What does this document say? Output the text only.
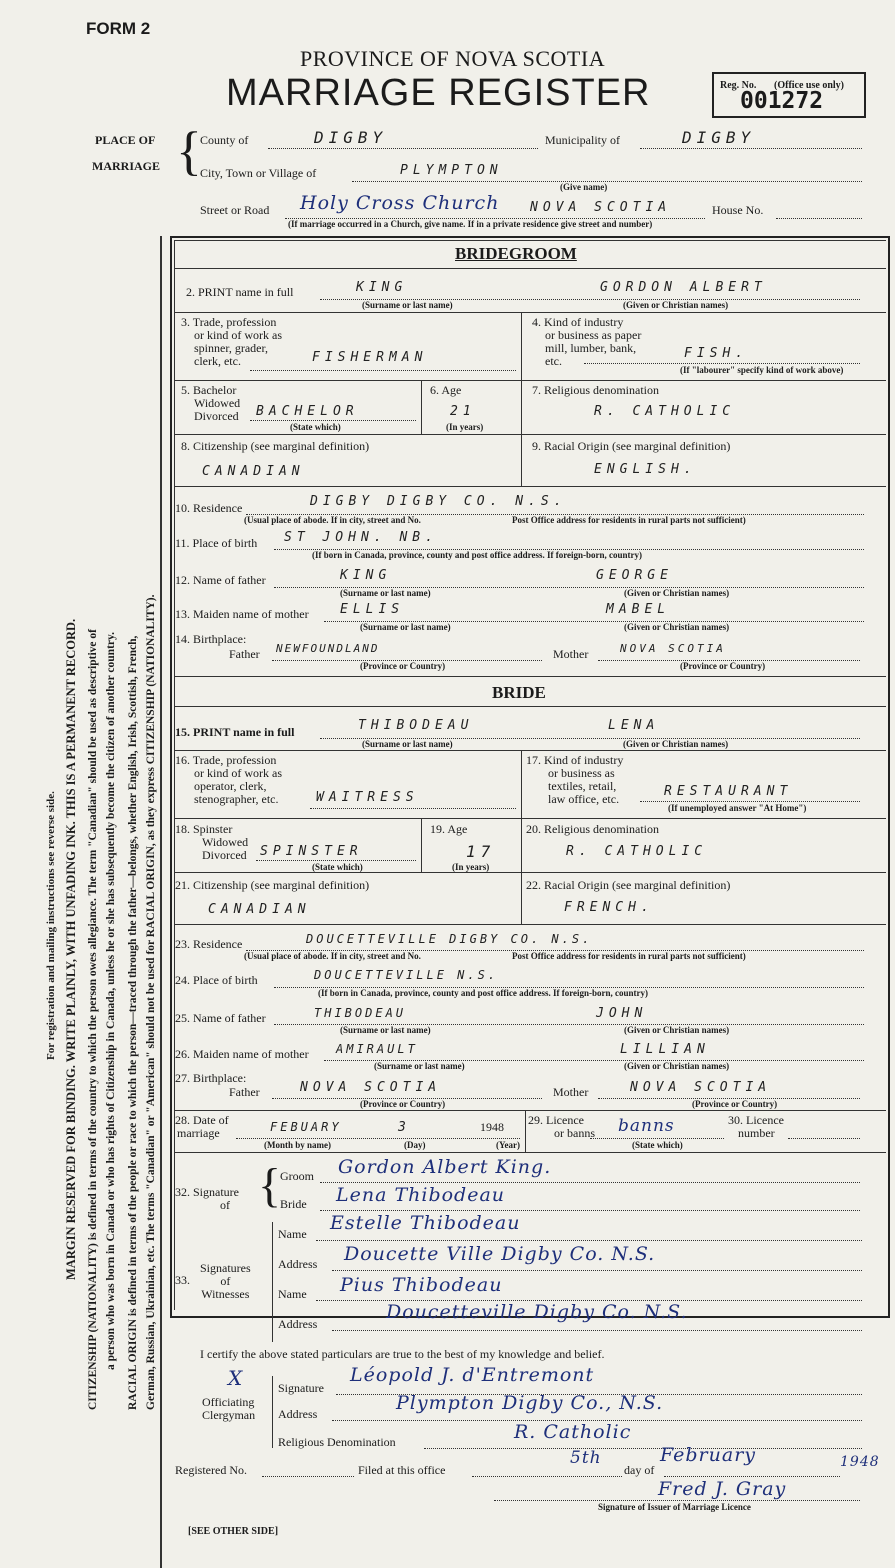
FORM 2
PROVINCE OF NOVA SCOTIA
MARRIAGE REGISTER	Reg. No. (Office use only)
001272
PLACE OF
MARRIAGE {
County of	DIGBY	Municipality of	DIGBY
City, Town or Village of	PLYMPTON
(Give name)
Street or Road Holy Cross Church NOVA SCOTIA	House No.
(If marriage occurred in a Church, give name. If in a private residence give street and number)
For registration and mailing instructions see reverse side. MARGIN RESERVED FOR BINDING. WRITE PLAINLY, WITH UNFADING INK. THIS IS A PERMANENT RECORD. CITIZENSHIP (NATIONALITY) is defined in terms of the country to which the person owes allegiance. The term "Canadian" should be used as descriptive of a person who was born in Canada or who has rights of Citizenship in Canada, unless he or she has subsequently become the citizen of another country. RACIAL ORIGIN is defined in terms of the people or race to which the person—traced through the father—belongs, whether English, Irish, Scottish, French, German, Russian, Ukrainian, etc. The terms "Canadian" or "American" should not be used for RACIAL ORIGIN, as they express CITIZENSHIP (NATIONALITY).
BRIDEGROOM
2. PRINT name in full	KING	GORDON ALBERT
(Surname or last name)	(Given or Christian names)
3. Trade, profession
or kind of work as
spinner, grader,
clerk, etc.	FISHERMAN
4. Kind of industry
or business as paper
mill, lumber, bank,
etc.	FISH.
(If "labourer" specify kind of work above)
5. Bachelor
Widowed
Divorced BACHELOR
(State which)
6. Age
21
(In years)
7. Religious denomination
R. CATHOLIC
8. Citizenship (see marginal definition)
CANADIAN
9. Racial Origin (see marginal definition)
ENGLISH.
10. Residence	DIGBY DIGBY CO. N.S.
(Usual place of abode. If in city, street and No.	Post Office address for residents in rural parts not sufficient)
11. Place of birth ST JOHN. NB.
(If born in Canada, province, county and post office address. If foreign-born, country)
12. Name of father	KING	GEORGE
(Surname or last name)	(Given or Christian names)
13. Maiden name of mother ELLIS	MABEL
(Surname or last name)	(Given or Christian names)
14. Birthplace:
Father NEWFOUNDLAND	Mother	NOVA SCOTIA
(Province or Country)	(Province or Country)
BRIDE
15. PRINT name in full	THIBODEAU	LENA
(Surname or last name)	(Given or Christian names)
16. Trade, profession
or kind of work as
operator, clerk,
stenographer, etc.	WAITRESS
17. Kind of industry
or business as
textiles, retail,
law office, etc.	RESTAURANT
(If unemployed answer "At Home")
18. Spinster
Widowed
Divorced SPINSTER
(State which)
19. Age
17
(In years)
20. Religious denomination
R. CATHOLIC
21. Citizenship (see marginal definition)
CANADIAN
22. Racial Origin (see marginal definition)
FRENCH.
23. Residence	DOUCETTEVILLE DIGBY CO. N.S.
(Usual place of abode. If in city, street and No.	Post Office address for residents in rural parts not sufficient)
24. Place of birth	DOUCETTEVILLE N.S.
(If born in Canada, province, county and post office address. If foreign-born, country)
25. Name of father	THIBODEAU	JOHN
(Surname or last name)	(Given or Christian names)
26. Maiden name of mother AMIRAULT	LILLIAN
(Surname or last name)	(Given or Christian names)
27. Birthplace:
Father	NOVA SCOTIA	Mother	NOVA SCOTIA
(Province or Country)	(Province or Country)
28. Date of
marriage	FEBUARY	3	1948
(Month by name)	(Day)	(Year)
29. Licence
or banns banns
(State which)
30. Licence
number
32. Signature
of {
Groom Gordon Albert King.
Bride Lena Thibodeau
Signatures
of
Witnesses
33.
Name Estelle Thibodeau
Address Doucette Ville Digby Co. N.S.
Name Pius Thibodeau
Address
Doucetteville Digby Co. N.S.
I certify the above stated particulars are true to the best of my knowledge and belief.
Ⅹ
Officiating
Clergyman
Signature
Léopold J. d'Entremont
Address	Plympton Digby Co., N.S.
Religious Denomination	R. Catholic
Registered No.	Filed at this office
5th
day of
February	1948
Fred J. Gray
Signature of Issuer of Marriage Licence
[SEE OTHER SIDE]
